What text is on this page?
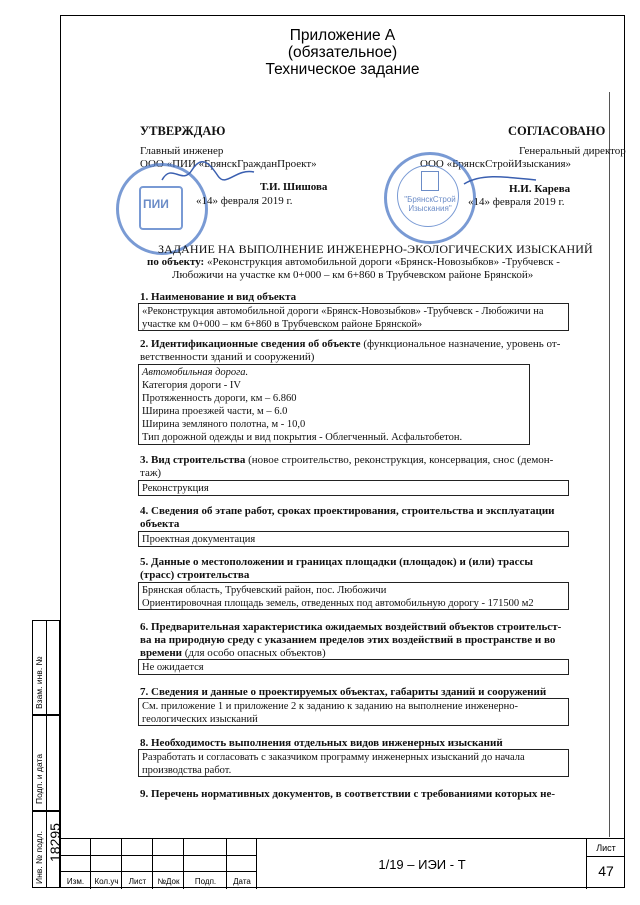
Приложение А
(обязательное)
Техническое задание
УТВЕРЖДАЮ	СОГЛАСОВАНО
Главный инженер
ООО «ПИИ «БрянскГражданПроект»
Генеральный директор
ООО «БрянскСтройИзыскания»
ПИИ
Т.И. Шишова
«14» февраля 2019 г.	"БрянскСтрой Изыскания"
Н.И. Карева
«14» февраля 2019 г.
ЗАДАНИЕ НА ВЫПОЛНЕНИЕ ИНЖЕНЕРНО-ЭКОЛОГИЧЕСКИХ ИЗЫСКАНИЙ
по объекту: «Реконструкция автомобильной дороги «Брянск-Новозыбков» -Трубчевск -
Любожичи на участке км 0+000 – км 6+860 в Трубчевском районе Брянской»
1. Наименование и вид объекта
«Реконструкция автомобильной дороги «Брянск-Новозыбков» -Трубчевск - Любожичи на
участке км 0+000 – км 6+860 в Трубчевском районе Брянской»
2. Идентификационные сведения об объекте (функциональное назначение, уровень от-
ветственности зданий и сооружений)
Автомобильная дорога.
Категория дороги - IV
Протяженность дороги, км – 6.860
Ширина проезжей части, м – 6.0
Ширина земляного полотна, м - 10,0
Тип дорожной одежды и вид покрытия - Облегченный. Асфальтобетон.
3. Вид строительства (новое строительство, реконструкция, консервация, снос (демон-
таж)
Реконструкция
4. Сведения об этапе работ, сроках проектирования, строительства и эксплуатации
объекта
Проектная документация
5. Данные о местоположении и границах площадки (площадок) и (или) трассы
(трасс) строительства
Брянская область, Трубчевский район, пос. Любожичи
Ориентировочная площадь земель, отведенных под автомобильную дорогу - 171500 м2
6. Предварительная характеристика ожидаемых воздействий объектов строительст-
ва на природную среду с указанием пределов этих воздействий в пространстве и во
времени (для особо опасных объектов)
Не ожидается
7. Сведения и данные о проектируемых объектах, габариты зданий и сооружений
См. приложение 1 и приложение 2 к заданию к заданию на выполнение инженерно-
геологических изысканий
8. Необходимость выполнения отдельных видов инженерных изысканий
Разработать и согласовать с заказчиком программу инженерных изысканий до начала
производства работ.
9. Перечень нормативных документов, в соответствии с требованиями которых не-
Взам. инв. №
Подп. и дата
Инв. № подл. 18295
Изм.	Кол.уч	Лист	№Док	Подп.	Дата
1/19 – ИЭИ - Т
Лист
47
